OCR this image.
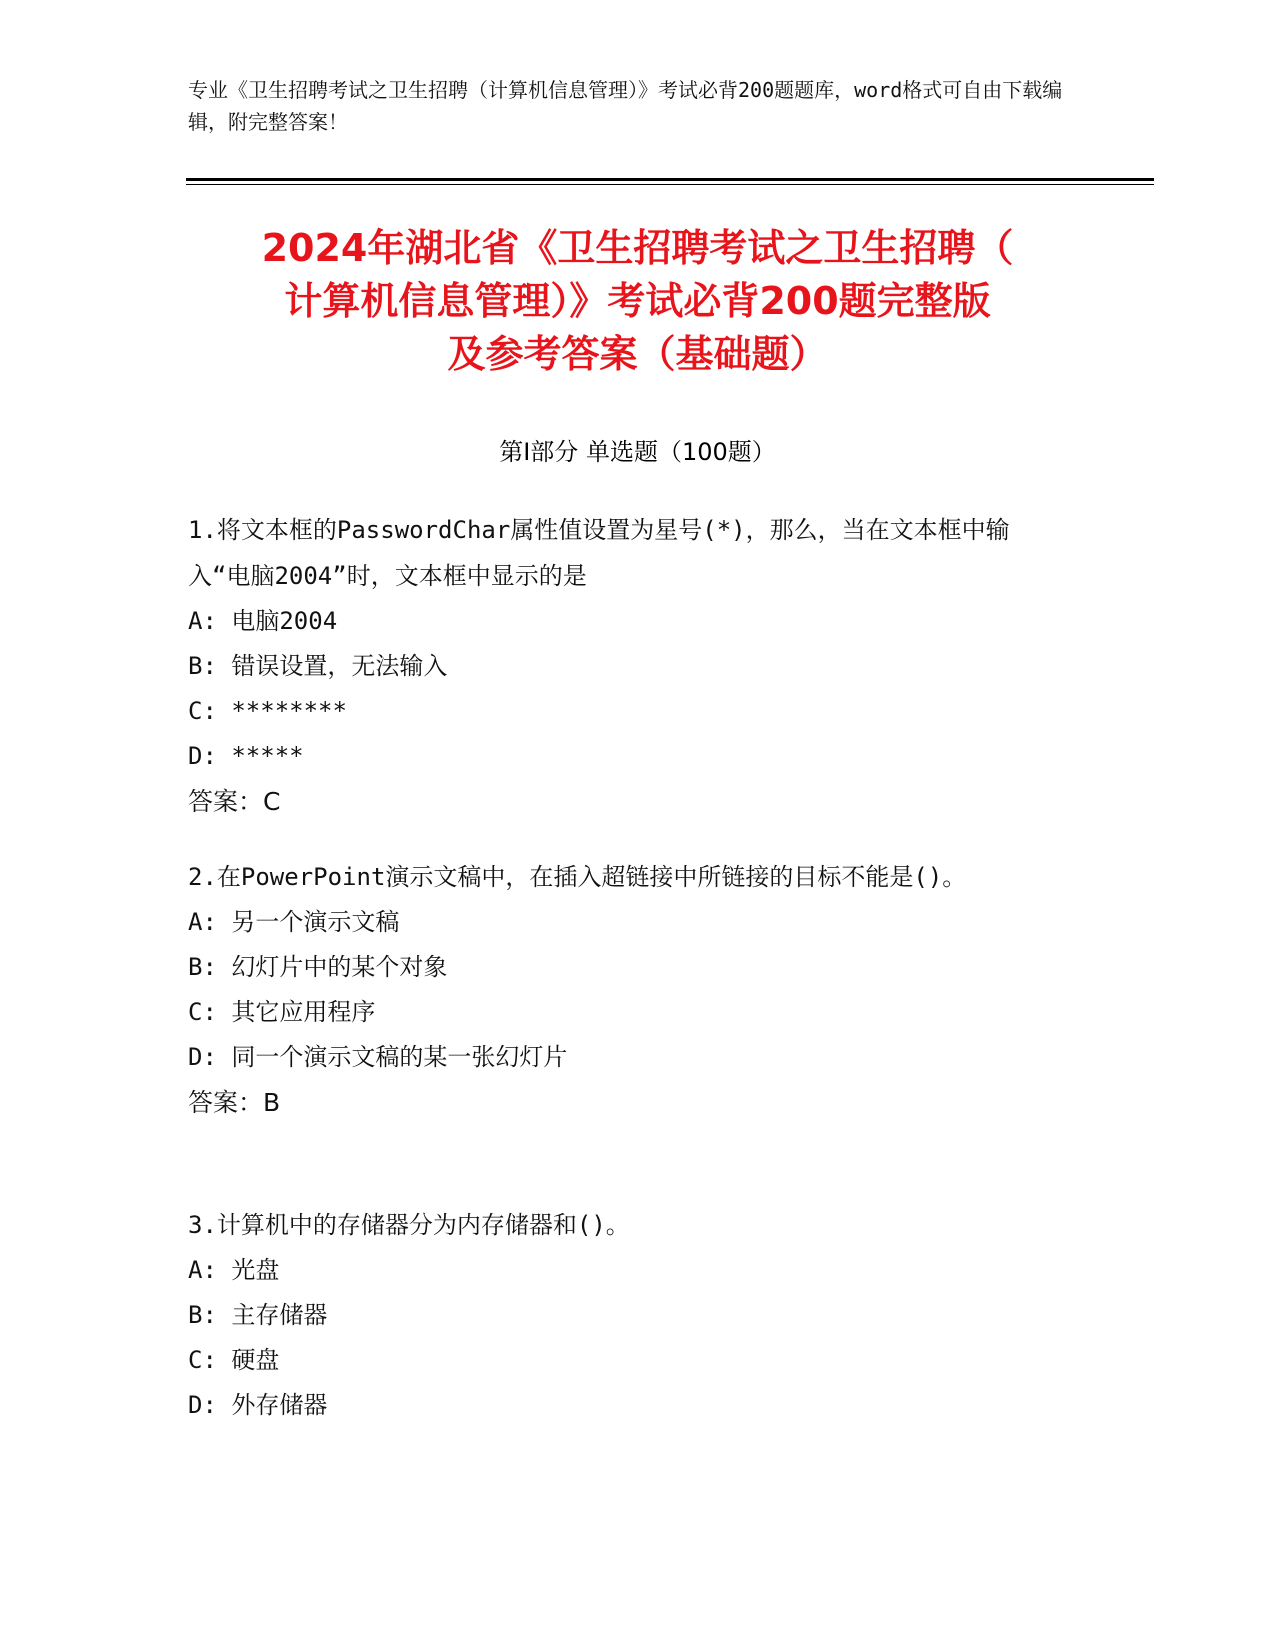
专业《卫生招聘考试之卫生招聘（计算机信息管理）》考试必背200题题库，word格式可自由下载编辑，附完整答案！
2024年湖北省《卫生招聘考试之卫生招聘（
计算机信息管理）》考试必背200题完整版
及参考答案（基础题）
第Ⅰ部分 单选题（100题）
1.将文本框的PasswordChar属性值设置为星号(*)，那么，当在文本框中输入“电脑2004”时，文本框中显示的是
A: 电脑2004
B: 错误设置，无法输入
C: ********
D: *****
答案：C
2.在PowerPoint演示文稿中，在插入超链接中所链接的目标不能是()。
A: 另一个演示文稿
B: 幻灯片中的某个对象
C: 其它应用程序
D: 同一个演示文稿的某一张幻灯片
答案：B
3.计算机中的存储器分为内存储器和()。
A: 光盘
B: 主存储器
C: 硬盘
D: 外存储器
